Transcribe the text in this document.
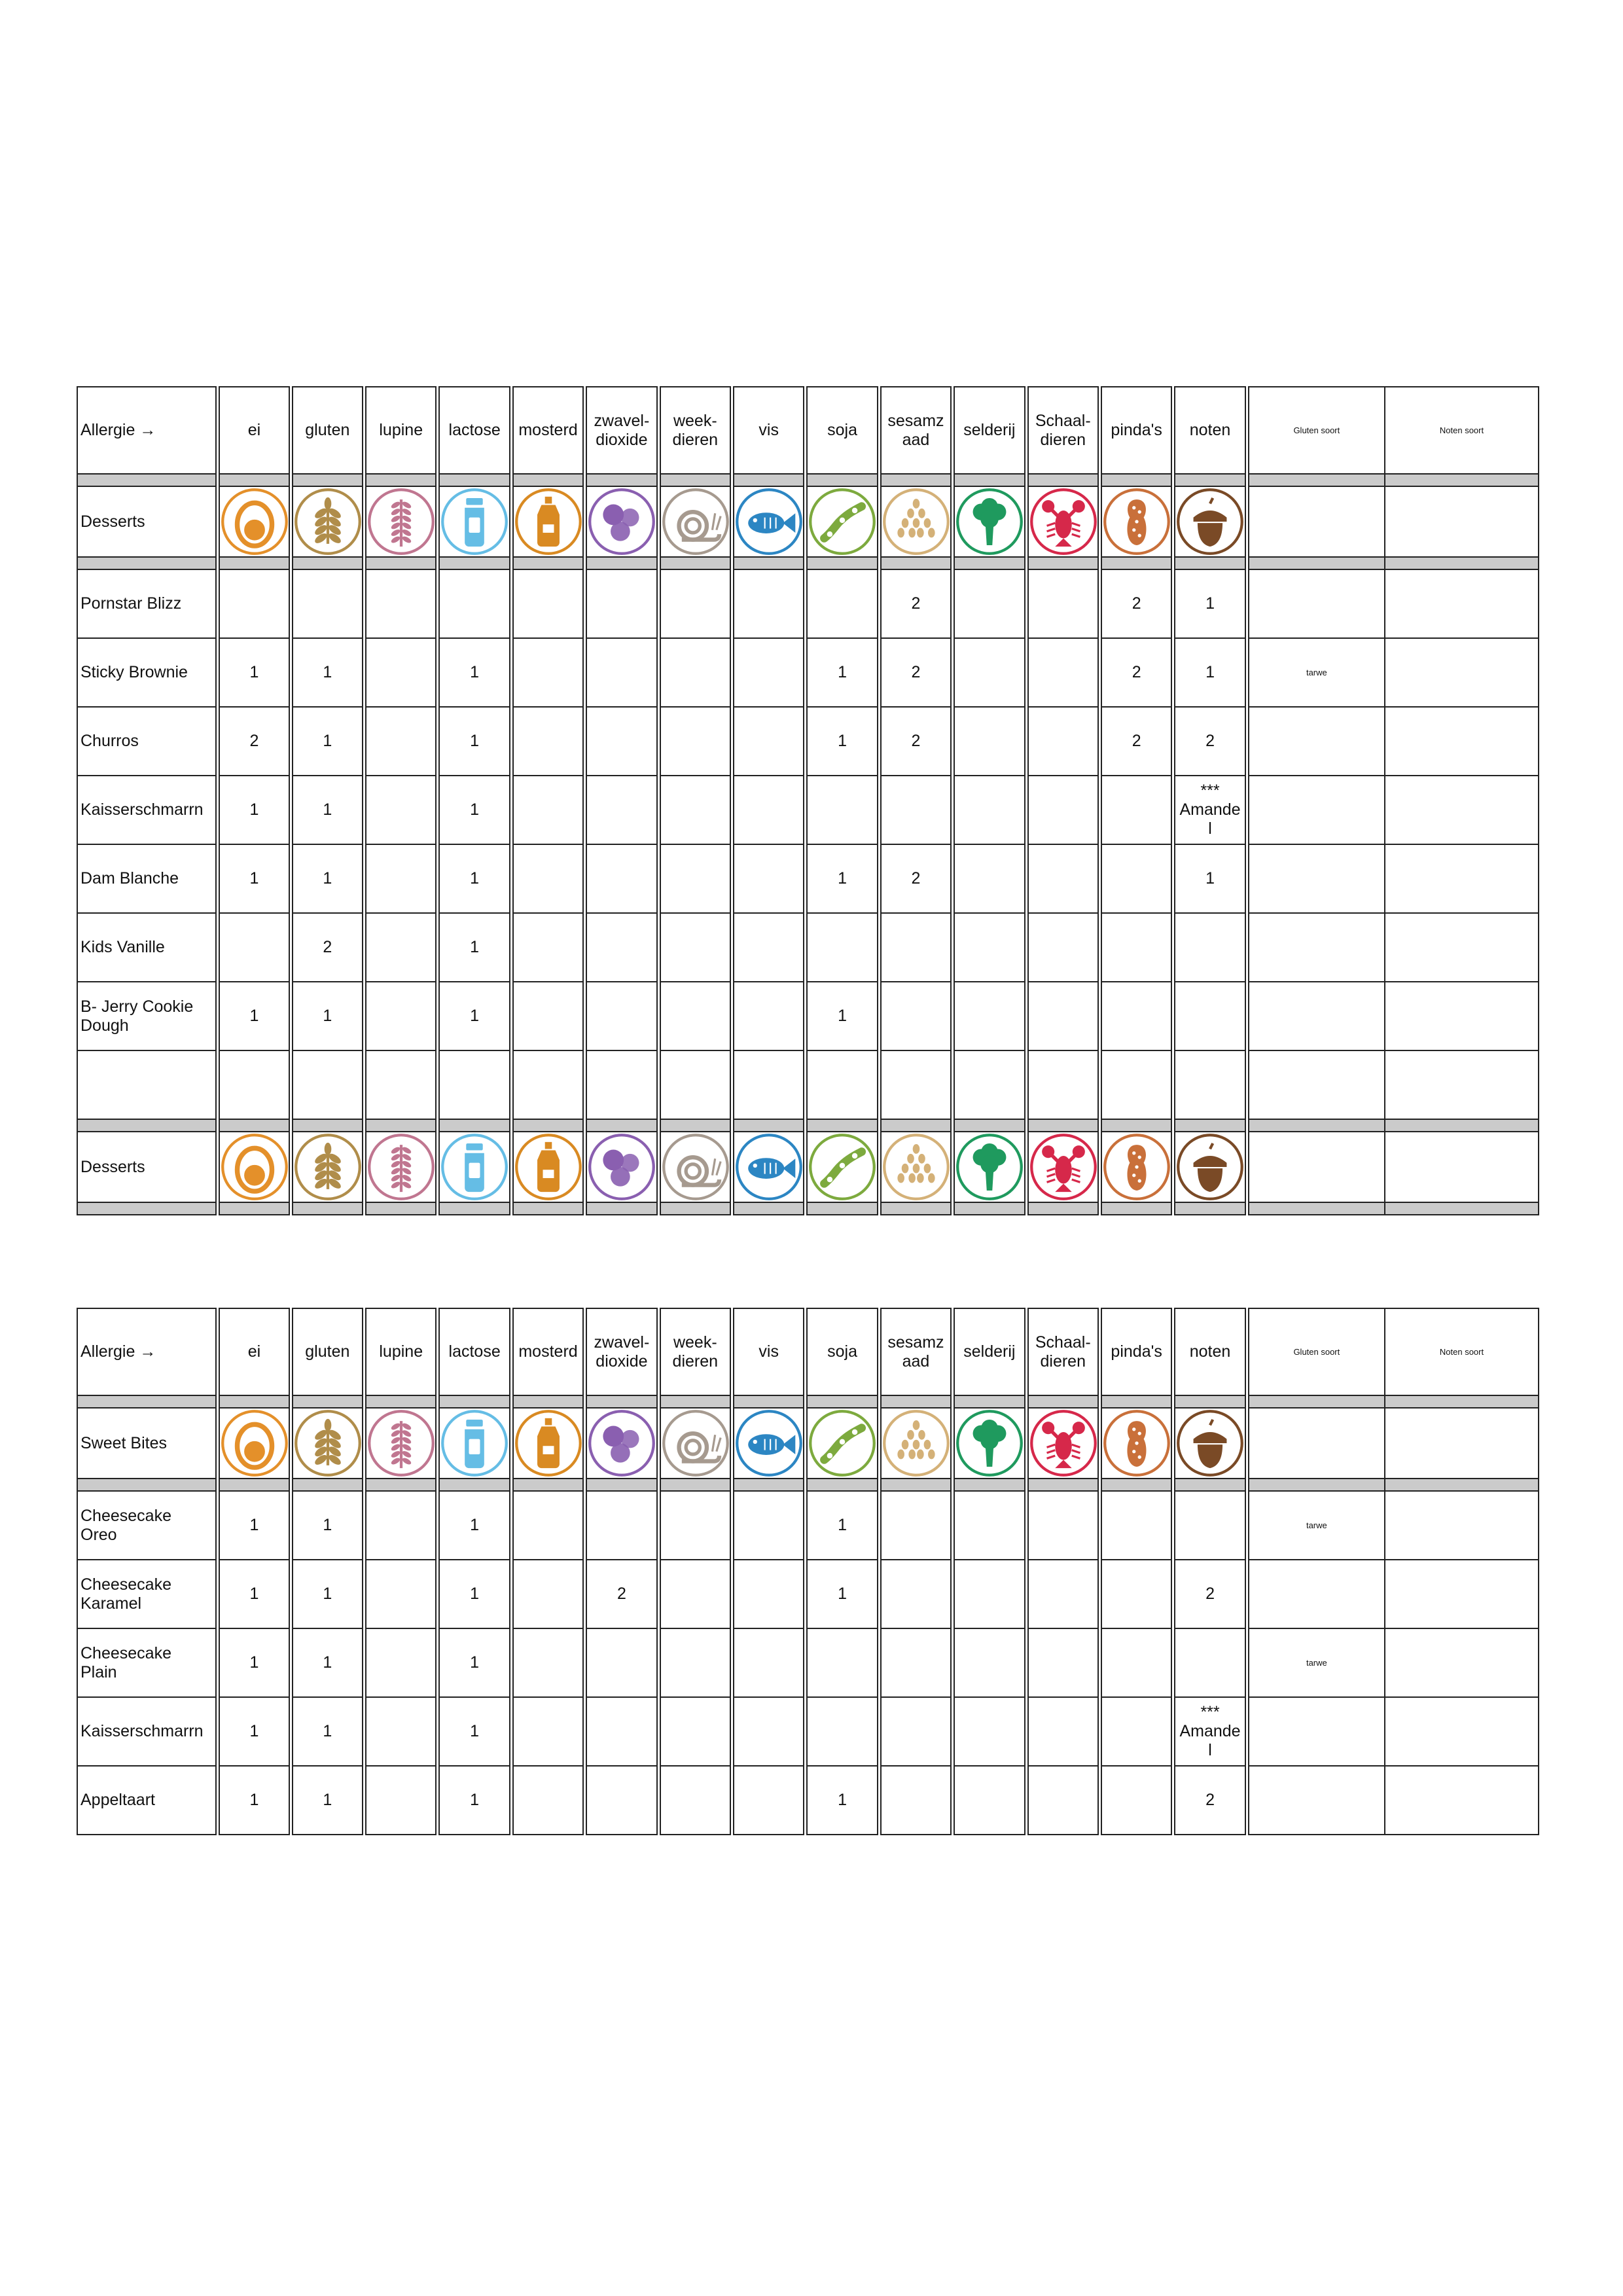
Allergie →	ei	gluten	lupine	lactose	mosterd	zwavel-
dioxide	week-
dieren	vis	soja	sesamz
aad	selderij	Schaal-
dieren	pinda's	noten	Gluten soort	Noten soort

Desserts	

Pornstar Blizz										2			2	1		
Sticky Brownie	1	1		1					1	2			2	1	tarwe	
Churros	2	1		1					1	2			2	2		
Kaisserschmarrn	1	1		1										***
Amande
l		
Dam Blanche	1	1		1					1	2				1		
Kids Vanille		2		1												
B- Jerry Cookie
Dough	1	1		1					1							

Desserts	

Allergie →	ei	gluten	lupine	lactose	mosterd	zwavel-
dioxide	week-
dieren	vis	soja	sesamz
aad	selderij	Schaal-
dieren	pinda's	noten	Gluten soort	Noten soort

Sweet Bites	

Cheesecake
Oreo	1	1		1					1						tarwe	
Cheesecake
Karamel	1	1		1		2			1					2		
Cheesecake
Plain	1	1		1											tarwe	
Kaisserschmarrn	1	1		1										***
Amande
l		
Appeltaart	1	1		1					1					2		
